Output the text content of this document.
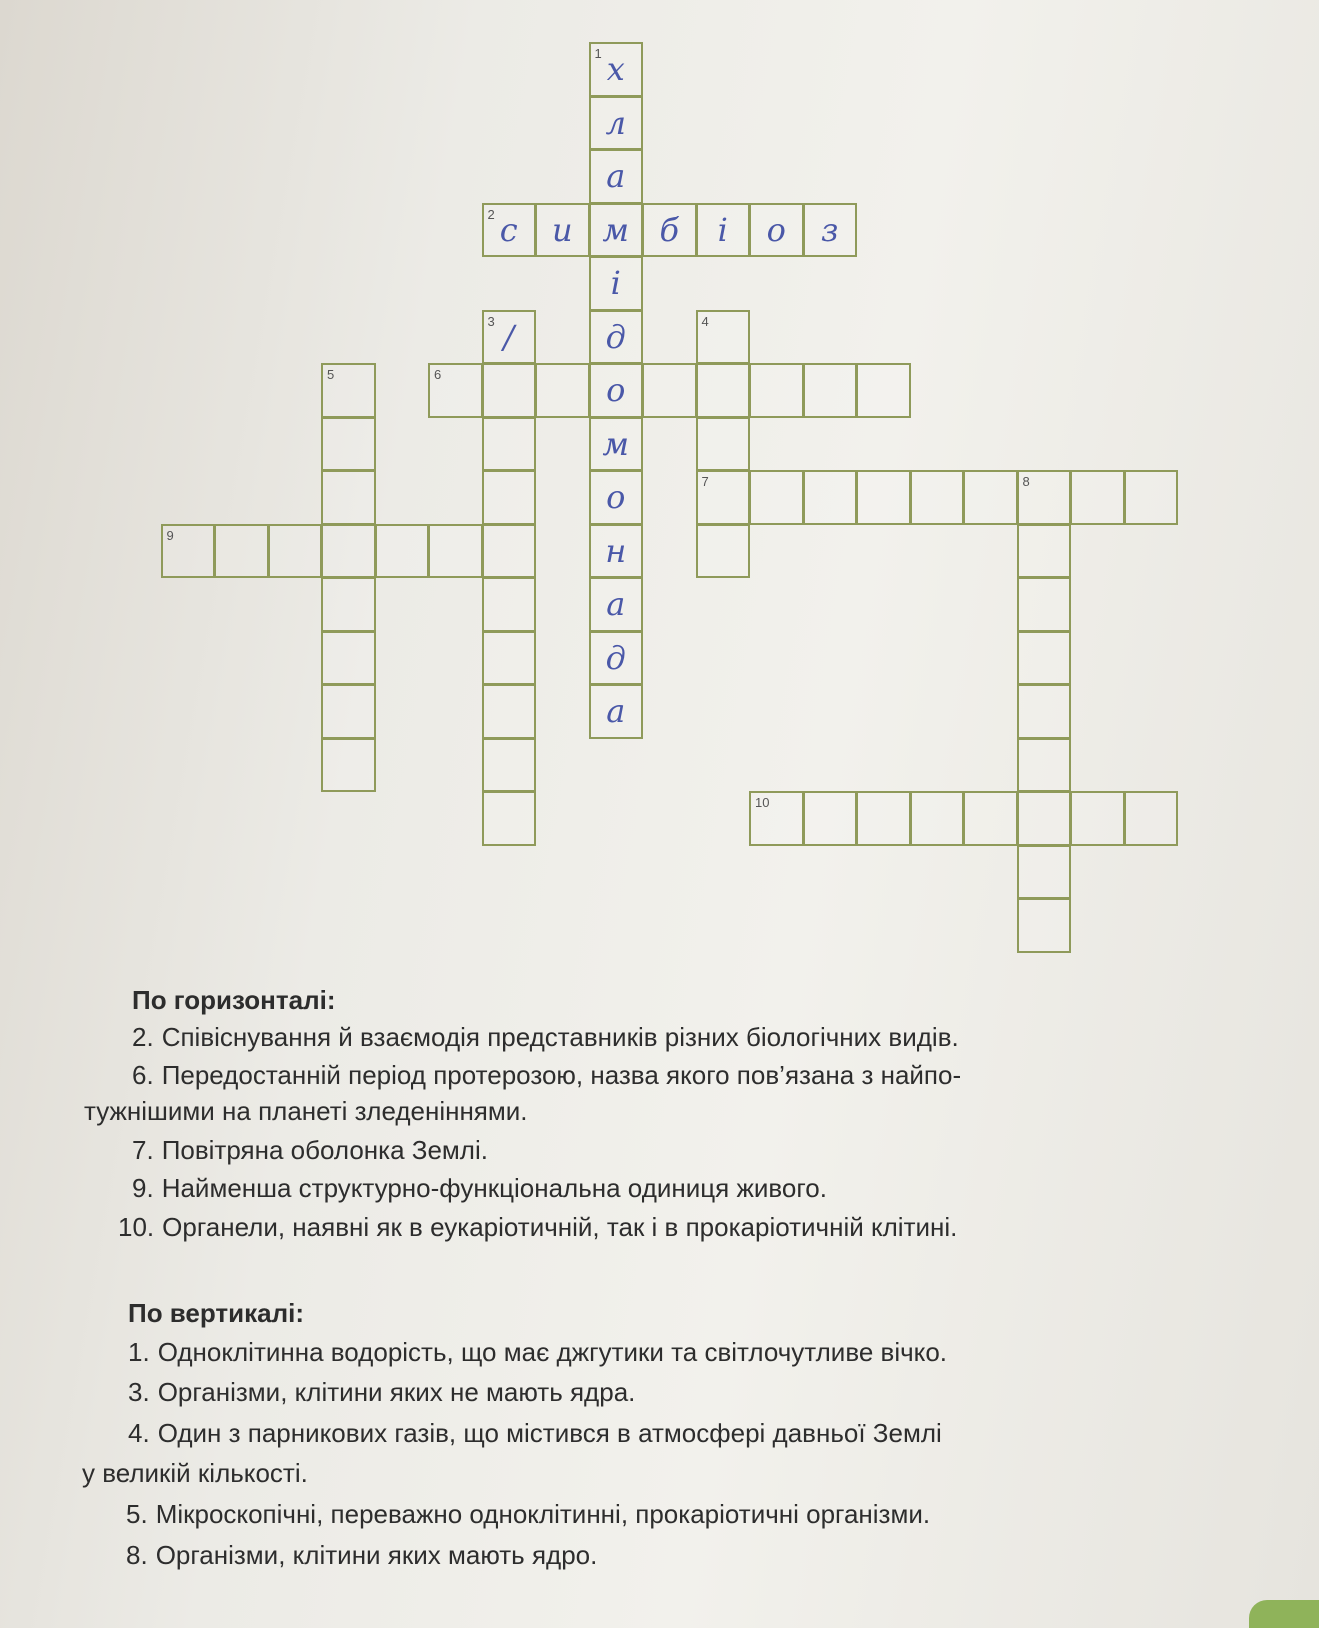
1 х
л
а
м
і
д
о
м
о
н
а
д
а
2 с	и	б	і	о	з
3 /	4
7
5	6
8
9
10
По горизонталі:
2. Співіснування й взаємодія представників різних біологічних видів.
6. Передостанній період протерозою, назва якого пов’язана з найпо-
тужнішими на планеті зледеніннями.
7. Повітряна оболонка Землі.
9. Найменша структурно-функціональна одиниця живого.
10. Органели, наявні як в еукаріотичній, так і в прокаріотичній клітині.
По вертикалі:
1. Одноклітинна водорість, що має джгутики та світлочутливе вічко.
3. Організми, клітини яких не мають ядра.
4. Один з парникових газів, що містився в атмосфері давньої Землі
у великій кількості.
5. Мікроскопічні, переважно одноклітинні, прокаріотичні організми.
8. Організми, клітини яких мають ядро.
